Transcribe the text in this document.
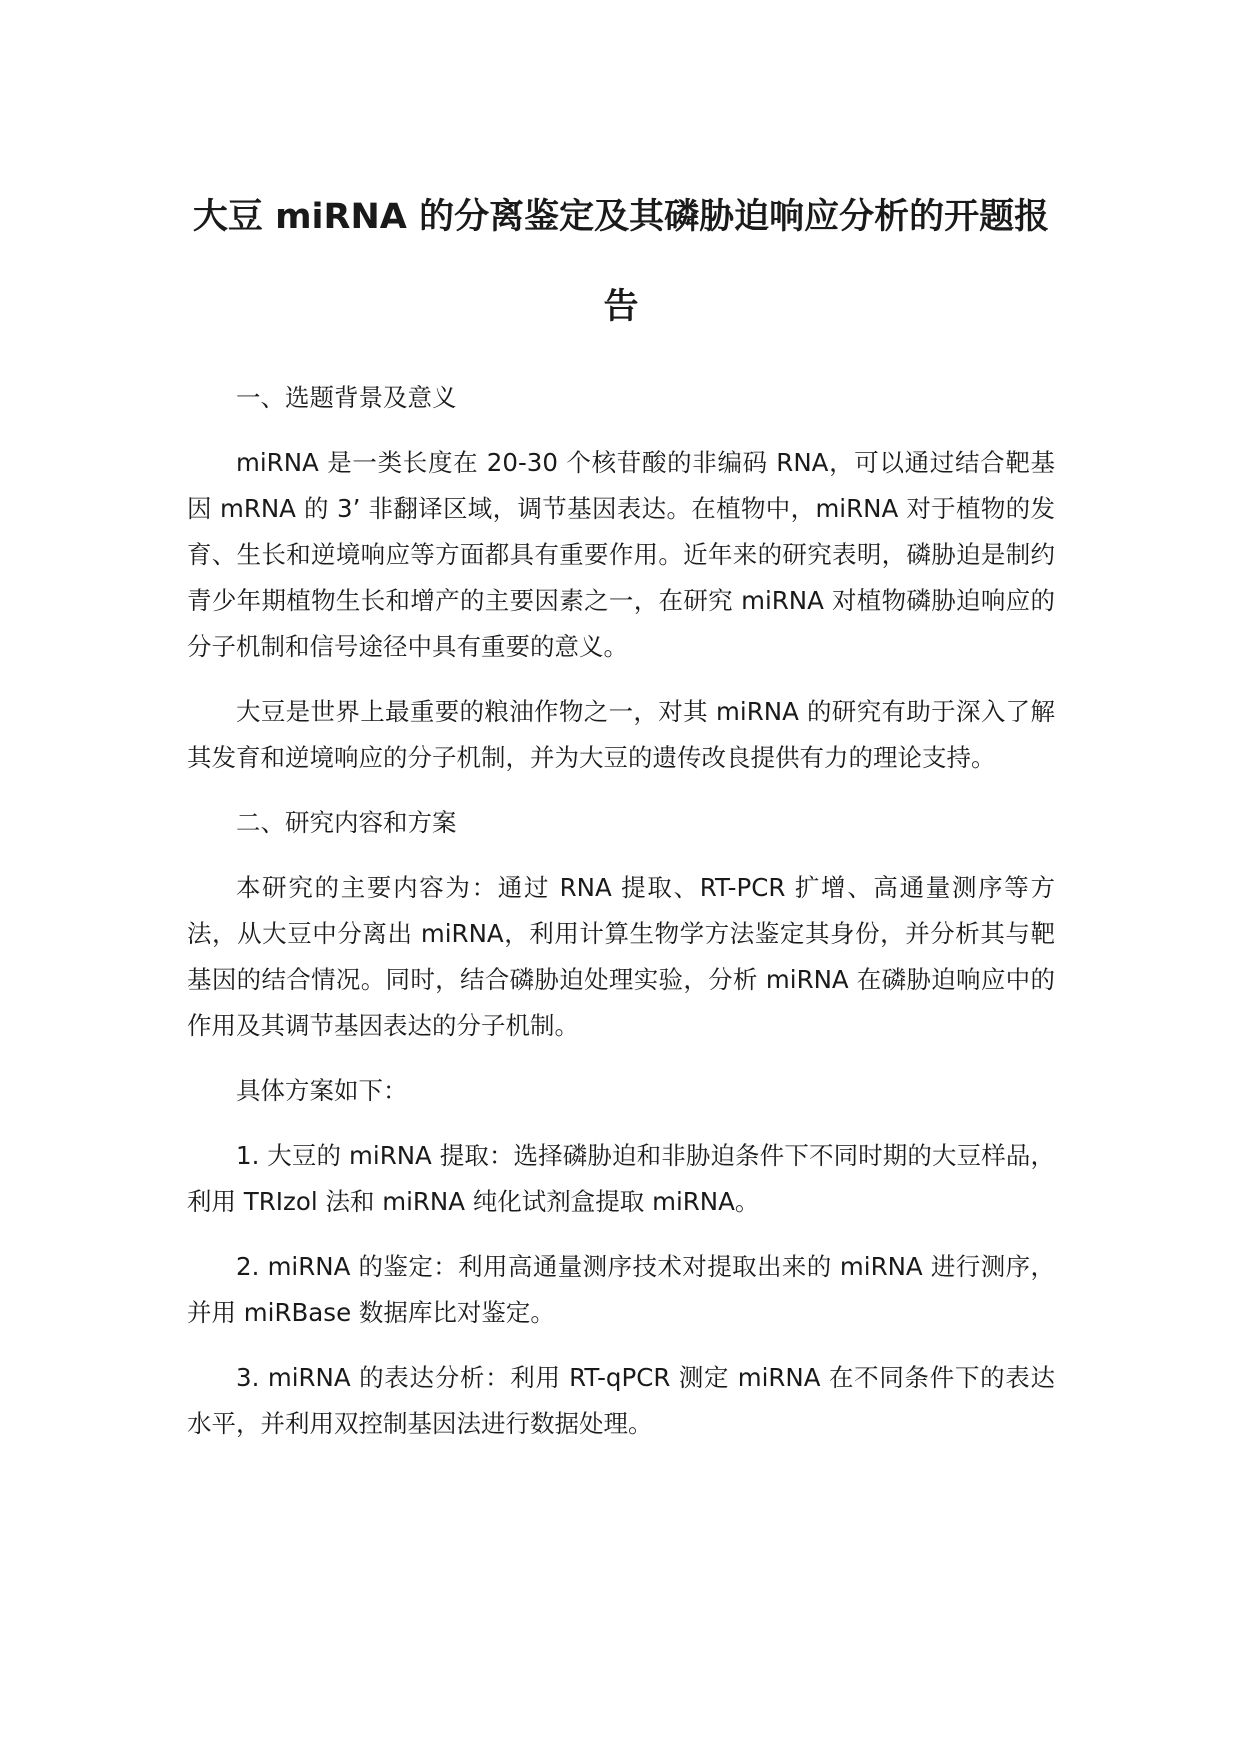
大豆 miRNA 的分离鉴定及其磷胁迫响应分析的开题报告

一、选题背景及意义

miRNA 是一类长度在 20-30 个核苷酸的非编码 RNA，可以通过结合靶基因 mRNA 的 3’ 非翻译区域，调节基因表达。在植物中，miRNA 对于植物的发育、生长和逆境响应等方面都具有重要作用。近年来的研究表明，磷胁迫是制约青少年期植物生长和增产的主要因素之一，在研究 miRNA 对植物磷胁迫响应的分子机制和信号途径中具有重要的意义。

大豆是世界上最重要的粮油作物之一，对其 miRNA 的研究有助于深入了解其发育和逆境响应的分子机制，并为大豆的遗传改良提供有力的理论支持。

二、研究内容和方案

本研究的主要内容为：通过 RNA 提取、RT-PCR 扩增、高通量测序等方法，从大豆中分离出 miRNA，利用计算生物学方法鉴定其身份，并分析其与靶基因的结合情况。同时，结合磷胁迫处理实验，分析 miRNA 在磷胁迫响应中的作用及其调节基因表达的分子机制。

具体方案如下：

1. 大豆的 miRNA 提取：选择磷胁迫和非胁迫条件下不同时期的大豆样品，利用 TRIzol 法和 miRNA 纯化试剂盒提取 miRNA。

2. miRNA 的鉴定：利用高通量测序技术对提取出来的 miRNA 进行测序，并用 miRBase 数据库比对鉴定。

3. miRNA 的表达分析：利用 RT-qPCR 测定 miRNA 在不同条件下的表达水平，并利用双控制基因法进行数据处理。
